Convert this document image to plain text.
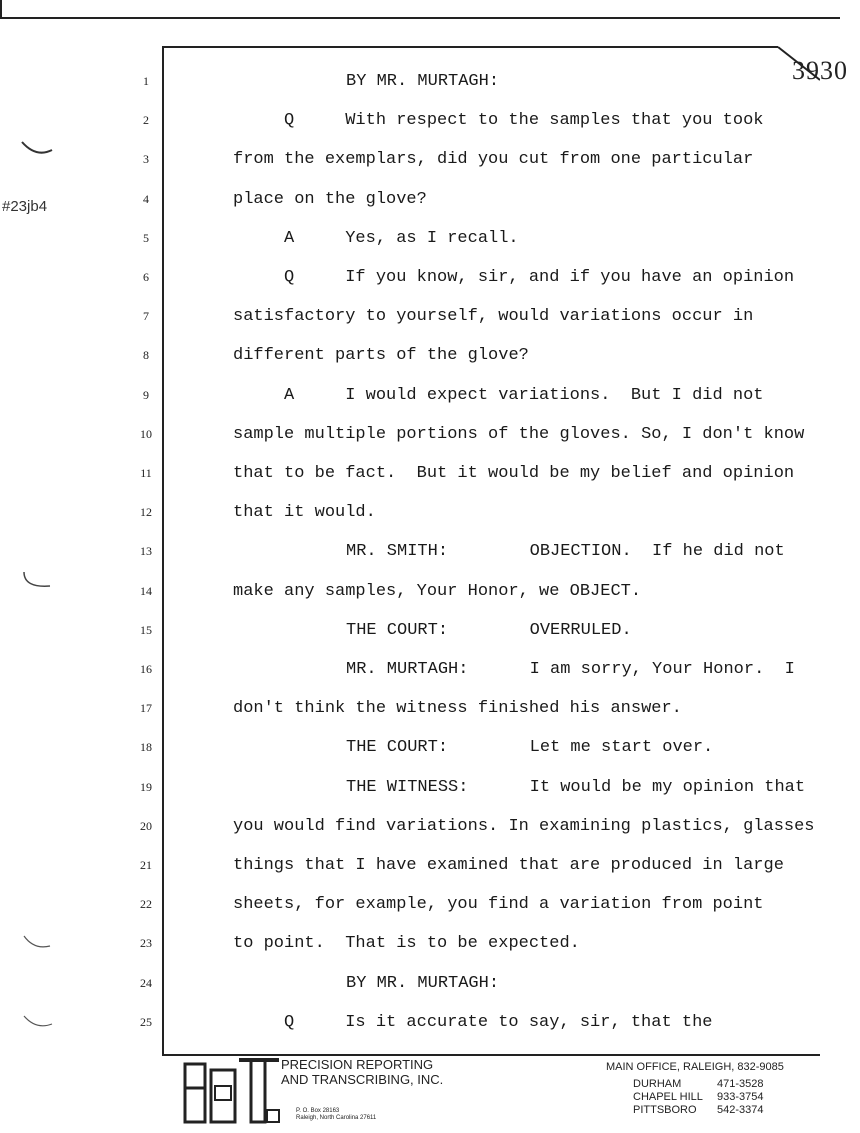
3930
#23jb4
1	BY MR. MURTAGH:
2	Q     With respect to the samples that you took
3	from the exemplars, did you cut from one particular
4	place on the glove?
5	A     Yes, as I recall.
6	Q     If you know, sir, and if you have an opinion
7	satisfactory to yourself, would variations occur in
8	different parts of the glove?
9	A     I would expect variations.  But I did not
10	sample multiple portions of the gloves. So, I don't know
11	that to be fact.  But it would be my belief and opinion
12	that it would.
13	MR. SMITH:        OBJECTION.  If he did not
14	make any samples, Your Honor, we OBJECT.
15	THE COURT:        OVERRULED.
16	MR. MURTAGH:      I am sorry, Your Honor.  I
17	don't think the witness finished his answer.
18	THE COURT:        Let me start over.
19	THE WITNESS:      It would be my opinion that
20	you would find variations. In examining plastics, glasses
21	things that I have examined that are produced in large
22	sheets, for example, you find a variation from point
23	to point.  That is to be expected.
24	BY MR. MURTAGH:
25	Q     Is it accurate to say, sir, that the
PRECISION REPORTING
AND TRANSCRIBING, INC.
P. O. Box 28163
Raleigh, North Carolina 27611
MAIN OFFICE, RALEIGH, 832-9085
DURHAM	471-3528
CHAPEL HILL	933-3754
PITTSBORO	542-3374
